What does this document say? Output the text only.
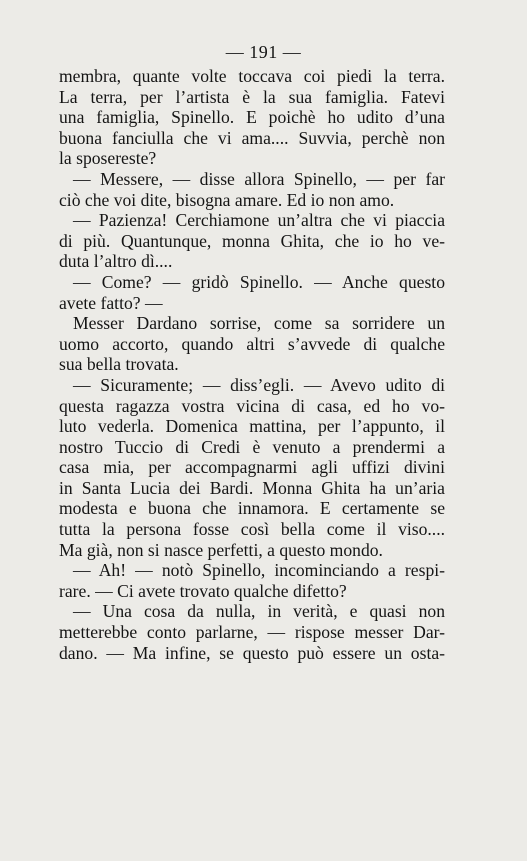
— 191 —
membra, quante volte toccava coi piedi la terra.
La terra, per l’artista è la sua famiglia. Fatevi
una famiglia, Spinello. E poichè ho udito d’una
buona fanciulla che vi ama.... Suvvia, perchè non
la sposereste?
— Messere, — disse allora Spinello, — per far
ciò che voi dite, bisogna amare. Ed io non amo.
— Pazienza! Cerchiamone un’altra che vi piaccia
di più. Quantunque, monna Ghita, che io ho ve-
duta l’altro dì....
— Come? — gridò Spinello. — Anche questo
avete fatto? —
Messer Dardano sorrise, come sa sorridere un
uomo accorto, quando altri s’avvede di qualche
sua bella trovata.
— Sicuramente; — diss’egli. — Avevo udito di
questa ragazza vostra vicina di casa, ed ho vo-
luto vederla. Domenica mattina, per l’appunto, il
nostro Tuccio di Credi è venuto a prendermi a
casa mia, per accompagnarmi agli uffizi divini
in Santa Lucia dei Bardi. Monna Ghita ha un’aria
modesta e buona che innamora. E certamente se
tutta la persona fosse così bella come il viso....
Ma già, non si nasce perfetti, a questo mondo.
— Ah! — notò Spinello, incominciando a respi-
rare. — Ci avete trovato qualche difetto?
— Una cosa da nulla, in verità, e quasi non
metterebbe conto parlarne, — rispose messer Dar-
dano. — Ma infine, se questo può essere un osta-
